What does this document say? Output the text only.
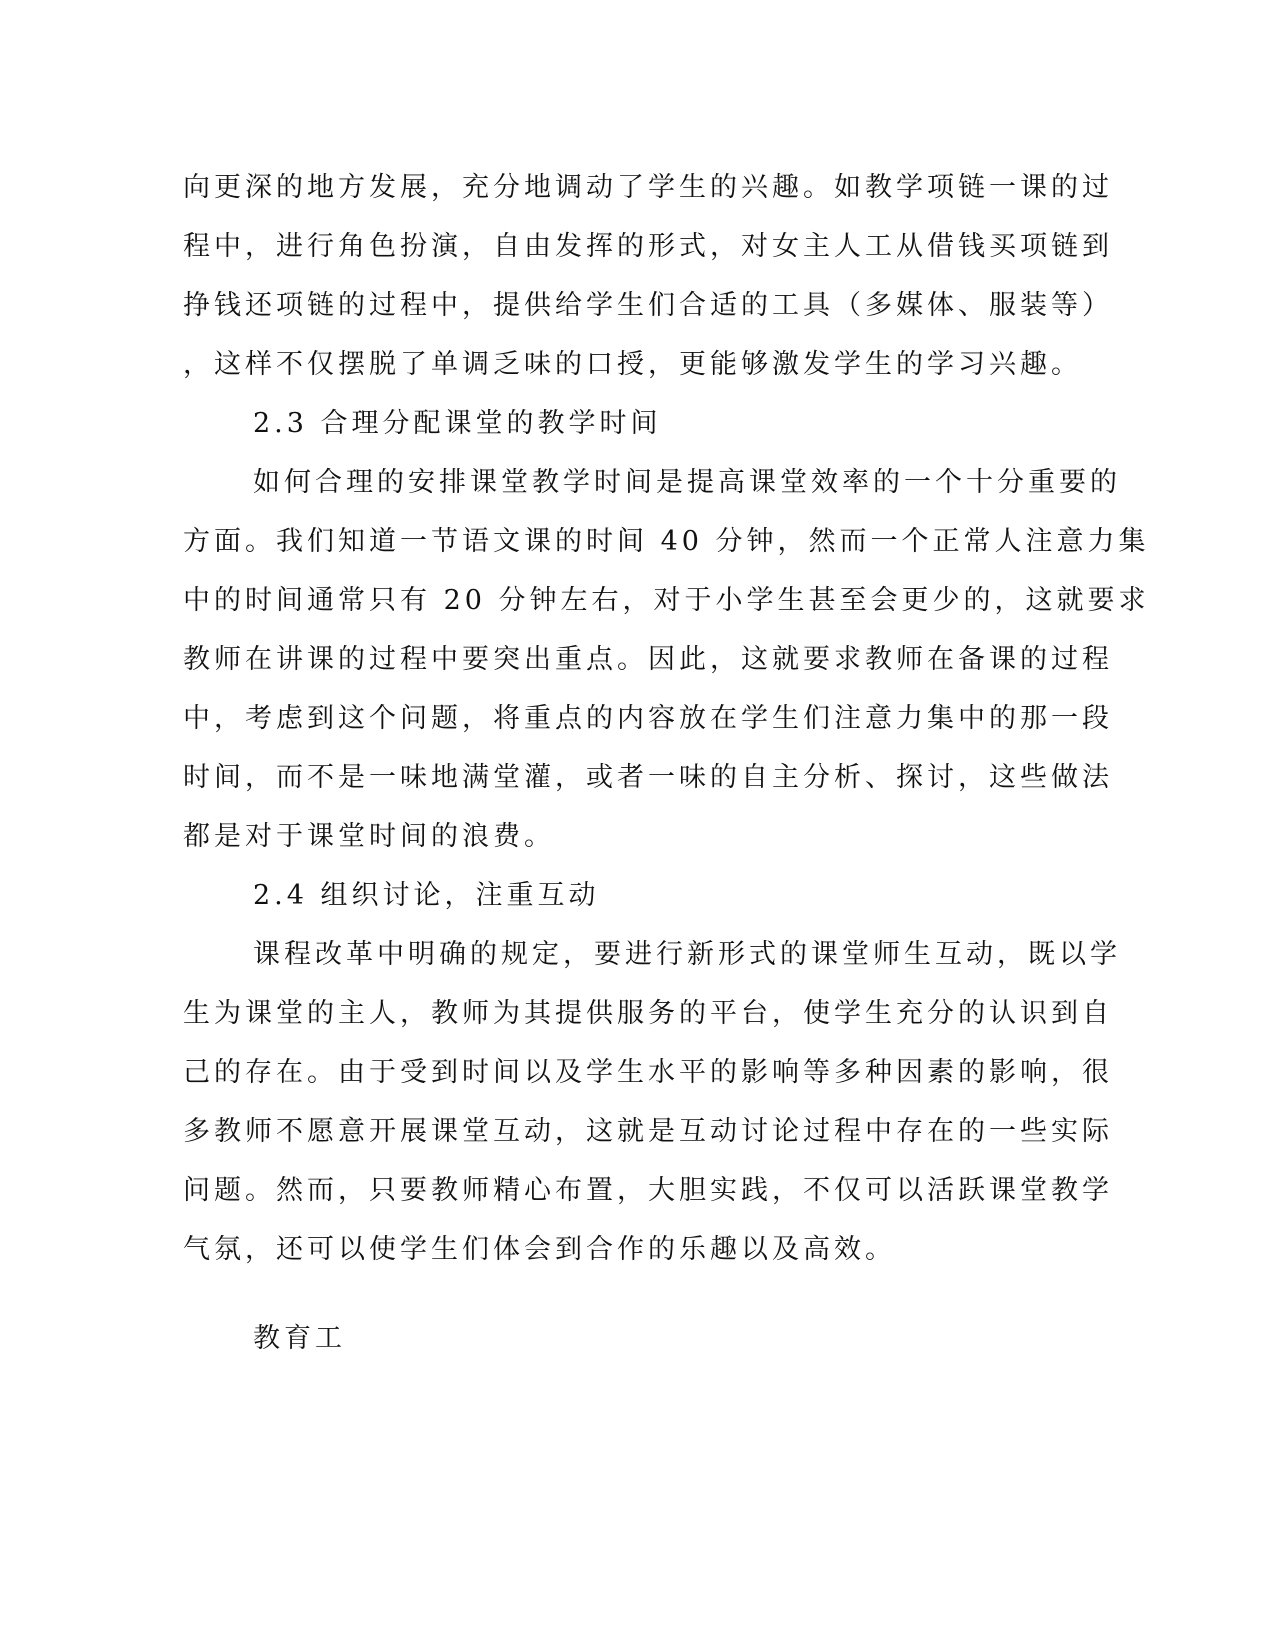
向更深的地方发展，充分地调动了学生的兴趣。如教学项链一课的过
程中，进行角色扮演，自由发挥的形式，对女主人工从借钱买项链到
挣钱还项链的过程中，提供给学生们合适的工具（多媒体、服装等）
，这样不仅摆脱了单调乏味的口授，更能够激发学生的学习兴趣。
2.3 合理分配课堂的教学时间
如何合理的安排课堂教学时间是提高课堂效率的一个十分重要的
方面。我们知道一节语文课的时间 40 分钟，然而一个正常人注意力集
中的时间通常只有 20 分钟左右，对于小学生甚至会更少的，这就要求
教师在讲课的过程中要突出重点。因此，这就要求教师在备课的过程
中，考虑到这个问题，将重点的内容放在学生们注意力集中的那一段
时间，而不是一味地满堂灌，或者一味的自主分析、探讨，这些做法
都是对于课堂时间的浪费。
2.4 组织讨论，注重互动
课程改革中明确的规定，要进行新形式的课堂师生互动，既以学
生为课堂的主人，教师为其提供服务的平台，使学生充分的认识到自
己的存在。由于受到时间以及学生水平的影响等多种因素的影响，很
多教师不愿意开展课堂互动，这就是互动讨论过程中存在的一些实际
问题。然而，只要教师精心布置，大胆实践，不仅可以活跃课堂教学
气氛，还可以使学生们体会到合作的乐趣以及高效。
教育工
